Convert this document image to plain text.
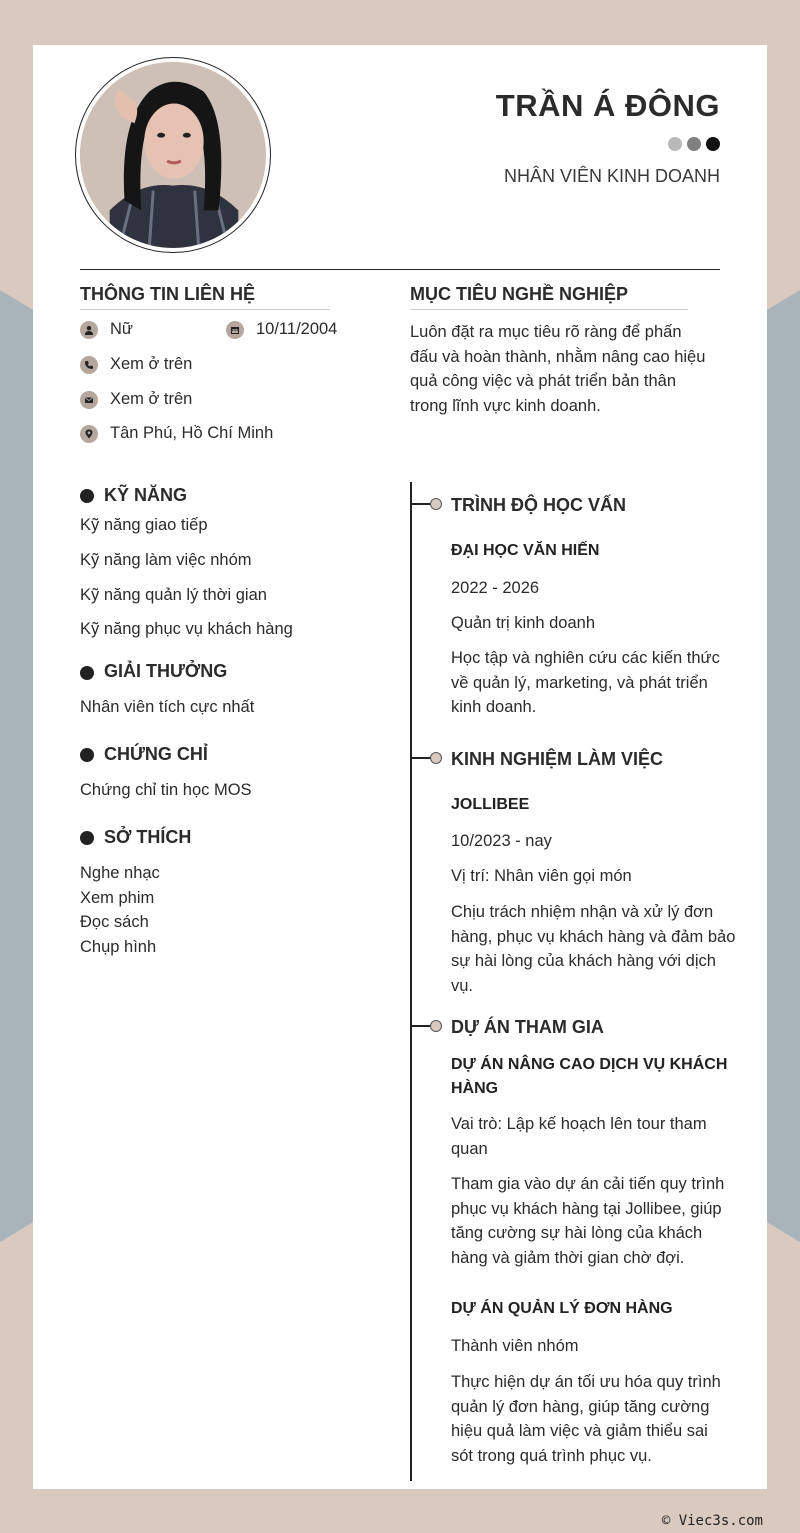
TRẦN Á ĐÔNG
NHÂN VIÊN KINH DOANH
THÔNG TIN LIÊN HỆ
Nữ	10/11/2004
Xem ở trên
Xem ở trên
Tân Phú, Hồ Chí Minh
MỤC TIÊU NGHỀ NGHIỆP
Luôn đặt ra mục tiêu rõ ràng để phấn
đấu và hoàn thành, nhằm nâng cao hiệu
quả công việc và phát triển bản thân
trong lĩnh vực kinh doanh.
KỸ NĂNG
Kỹ năng giao tiếp
Kỹ năng làm việc nhóm
Kỹ năng quản lý thời gian
Kỹ năng phục vụ khách hàng
GIẢI THƯỞNG
Nhân viên tích cực nhất
CHỨNG CHỈ
Chứng chỉ tin học MOS
SỞ THÍCH
Nghe nhạc
Xem phim
Đọc sách
Chụp hình
TRÌNH ĐỘ HỌC VẤN
ĐẠI HỌC VĂN HIẾN
2022 - 2026
Quản trị kinh doanh
Học tập và nghiên cứu các kiến thức
về quản lý, marketing, và phát triển
kinh doanh.
KINH NGHIỆM LÀM VIỆC
JOLLIBEE
10/2023 - nay
Vị trí: Nhân viên gọi món
Chịu trách nhiệm nhận và xử lý đơn
hàng, phục vụ khách hàng và đảm bảo
sự hài lòng của khách hàng với dịch
vụ.
DỰ ÁN THAM GIA
DỰ ÁN NÂNG CAO DỊCH VỤ KHÁCH
HÀNG
Vai trò: Lập kế hoạch lên tour tham
quan
Tham gia vào dự án cải tiến quy trình
phục vụ khách hàng tại Jollibee, giúp
tăng cường sự hài lòng của khách
hàng và giảm thời gian chờ đợi.
DỰ ÁN QUẢN LÝ ĐƠN HÀNG
Thành viên nhóm
Thực hiện dự án tối ưu hóa quy trình
quản lý đơn hàng, giúp tăng cường
hiệu quả làm việc và giảm thiểu sai
sót trong quá trình phục vụ.
© Viec3s.com
